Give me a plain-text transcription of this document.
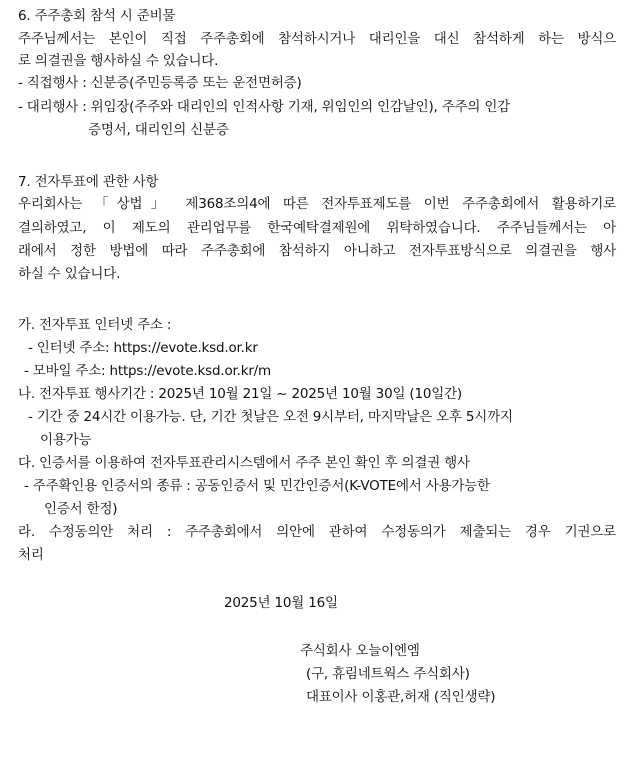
6. 주주총회 참석 시 준비물
주주님께서는 본인이 직접 주주총회에 참석하시거나 대리인을 대신 참석하게 하는 방식으
로 의결권을 행사하실 수 있습니다.
- 직접행사 : 신분증(주민등록증 또는 운전면허증)
- 대리행사 : 위임장(주주와 대리인의 인적사항 기재, 위임인의 인감날인), 주주의 인감
증명서, 대리인의 신분증
7. 전자투표에 관한 사항
우리회사는 「상법」 제368조의4에 따른 전자투표제도를 이번 주주총회에서 활용하기로
결의하였고, 이 제도의 관리업무를 한국예탁결제원에 위탁하였습니다. 주주님들께서는 아
래에서 정한 방법에 따라 주주총회에 참석하지 아니하고 전자투표방식으로 의결권을 행사
하실 수 있습니다.
가. 전자투표 인터넷 주소 :
- 인터넷 주소: https://evote.ksd.or.kr
- 모바일 주소: https://evote.ksd.or.kr/m
나. 전자투표 행사기간 : 2025년 10월 21일 ~ 2025년 10월 30일 (10일간)
- 기간 중 24시간 이용가능. 단, 기간 첫날은 오전 9시부터, 마지막날은 오후 5시까지
이용가능
다. 인증서를 이용하여 전자투표관리시스템에서 주주 본인 확인 후 의결권 행사
- 주주확인용 인증서의 종류 : 공동인증서 및 민간인증서(K-VOTE에서 사용가능한
인증서 한정)
라. 수정동의안 처리 : 주주총회에서 의안에 관하여 수정동의가 제출되는 경우 기권으로
처리
2025년 10월 16일
주식회사 오늘이엔엠
(구, 휴림네트웍스 주식회사)
대표이사 이홍관,허재 (직인생략)
